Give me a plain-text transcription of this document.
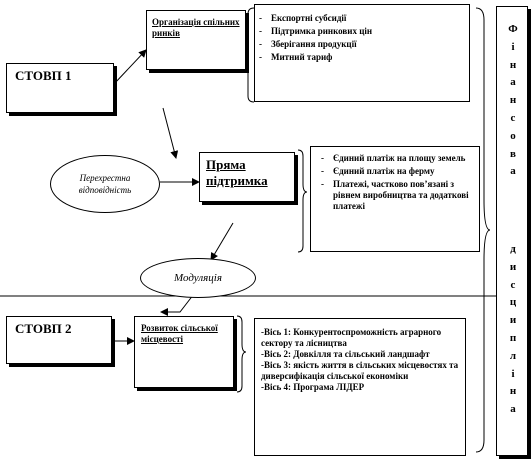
СТОВП 1
Організація спільних ринків
- Експортні субсидії
- Підтримка ринкових цін
- Зберігання продукції
- Митний тариф
Перехрестна відповідність
Пряма підтримка
- Єдиний платіж на площу земель
- Єдиний платіж на ферму
- Платежі, частково пов’язані з рівнем виробництва та додаткові платежі
Модуляція
СТОВП 2	Розвиток сільської місцевості
-Вісь 1: Конкурентоспроможність аграрного сектору та лісництва
-Вісь 2: Довкілля та сільський ландшафт
-Вісь 3: якість життя в сільських місцевостях та диверсифікація сільської економіки
-Вісь 4: Програма ЛІДЕР
Ф
і
н
а
н
с
о
в
а
д
и
с
ц
и
п
л
і
н
а
